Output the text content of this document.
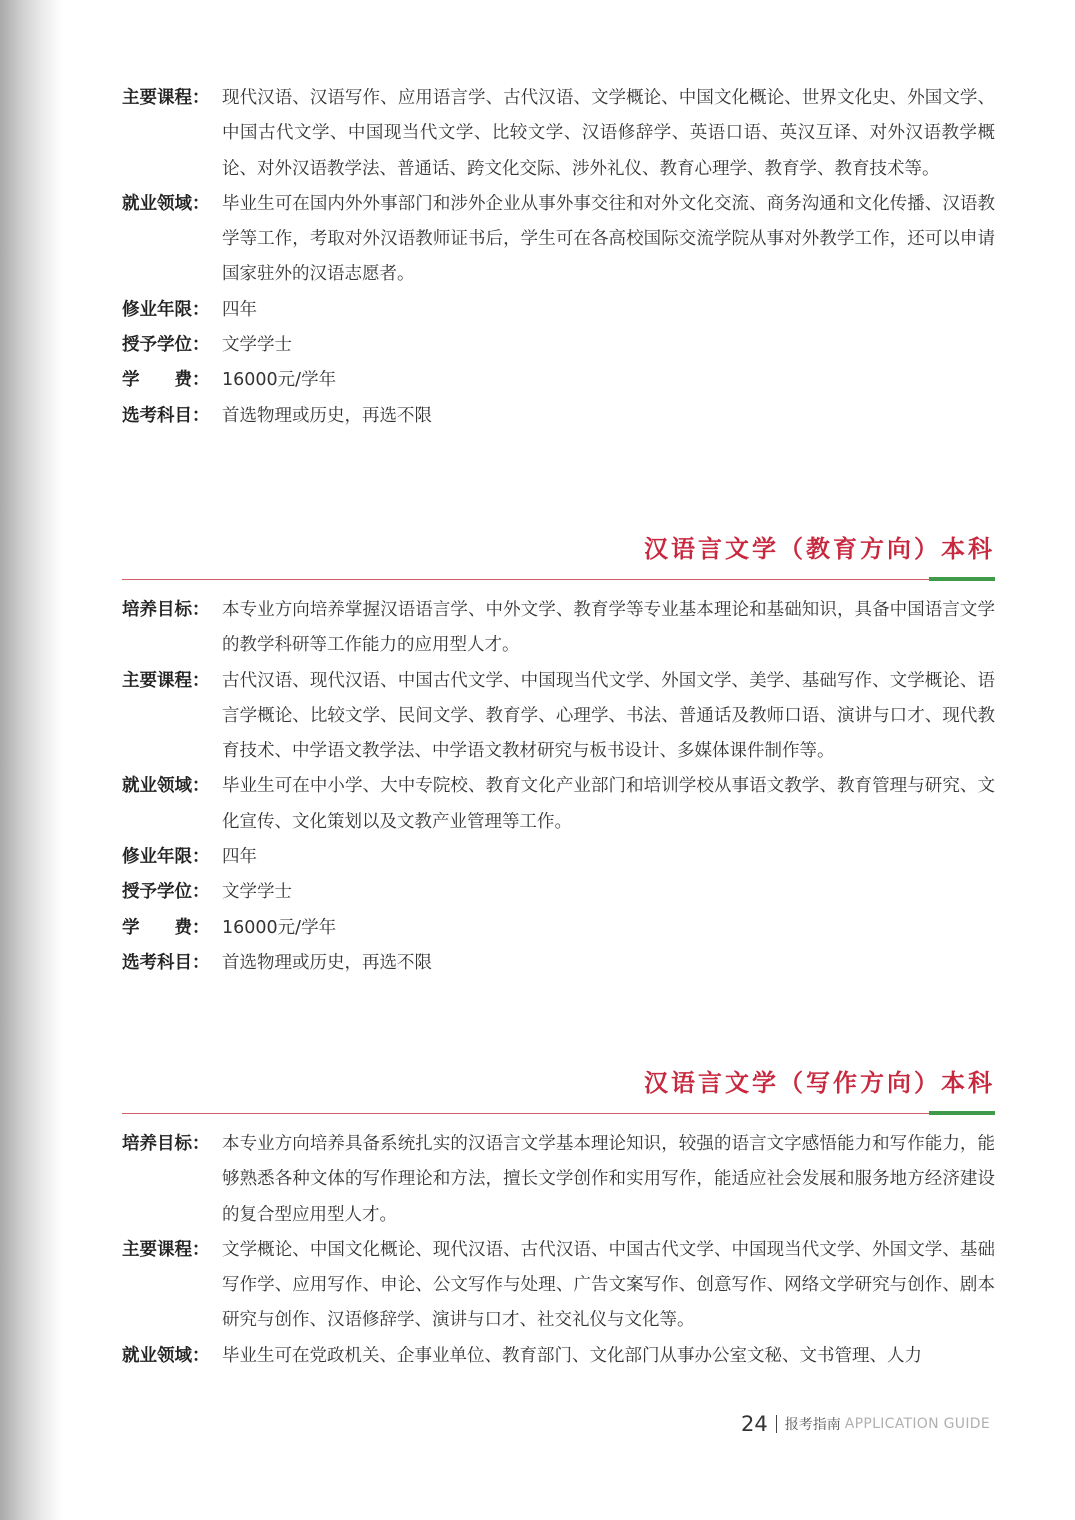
主要课程： 现代汉语、汉语写作、应用语言学、古代汉语、文学概论、中国文化概论、世界文化史、外国文学、中国古代文学、中国现当代文学、比较文学、汉语修辞学、英语口语、英汉互译、对外汉语教学概论、对外汉语教学法、普通话、跨文化交际、涉外礼仪、教育心理学、教育学、教育技术等。
就业领域： 毕业生可在国内外外事部门和涉外企业从事外事交往和对外文化交流、商务沟通和文化传播、汉语教学等工作，考取对外汉语教师证书后，学生可在各高校国际交流学院从事对外教学工作，还可以申请国家驻外的汉语志愿者。
修业年限： 四年
授予学位： 文学学士
学　　费： 16000元/学年
选考科目： 首选物理或历史，再选不限
汉语言文学（教育方向）本科
培养目标： 本专业方向培养掌握汉语语言学、中外文学、教育学等专业基本理论和基础知识，具备中国语言文学的教学科研等工作能力的应用型人才。
主要课程： 古代汉语、现代汉语、中国古代文学、中国现当代文学、外国文学、美学、基础写作、文学概论、语言学概论、比较文学、民间文学、教育学、心理学、书法、普通话及教师口语、演讲与口才、现代教育技术、中学语文教学法、中学语文教材研究与板书设计、多媒体课件制作等。
就业领域： 毕业生可在中小学、大中专院校、教育文化产业部门和培训学校从事语文教学、教育管理与研究、文化宣传、文化策划以及文教产业管理等工作。
修业年限： 四年
授予学位： 文学学士
学　　费： 16000元/学年
选考科目： 首选物理或历史，再选不限
汉语言文学（写作方向）本科
培养目标： 本专业方向培养具备系统扎实的汉语言文学基本理论知识，较强的语言文字感悟能力和写作能力，能够熟悉各种文体的写作理论和方法，擅长文学创作和实用写作，能适应社会发展和服务地方经济建设的复合型应用型人才。
主要课程： 文学概论、中国文化概论、现代汉语、古代汉语、中国古代文学、中国现当代文学、外国文学、基础写作学、应用写作、申论、公文写作与处理、广告文案写作、创意写作、网络文学研究与创作、剧本研究与创作、汉语修辞学、演讲与口才、社交礼仪与文化等。
就业领域： 毕业生可在党政机关、企事业单位、教育部门、文化部门从事办公室文秘、文书管理、人力
24 报考指南 APPLICATION GUIDE
